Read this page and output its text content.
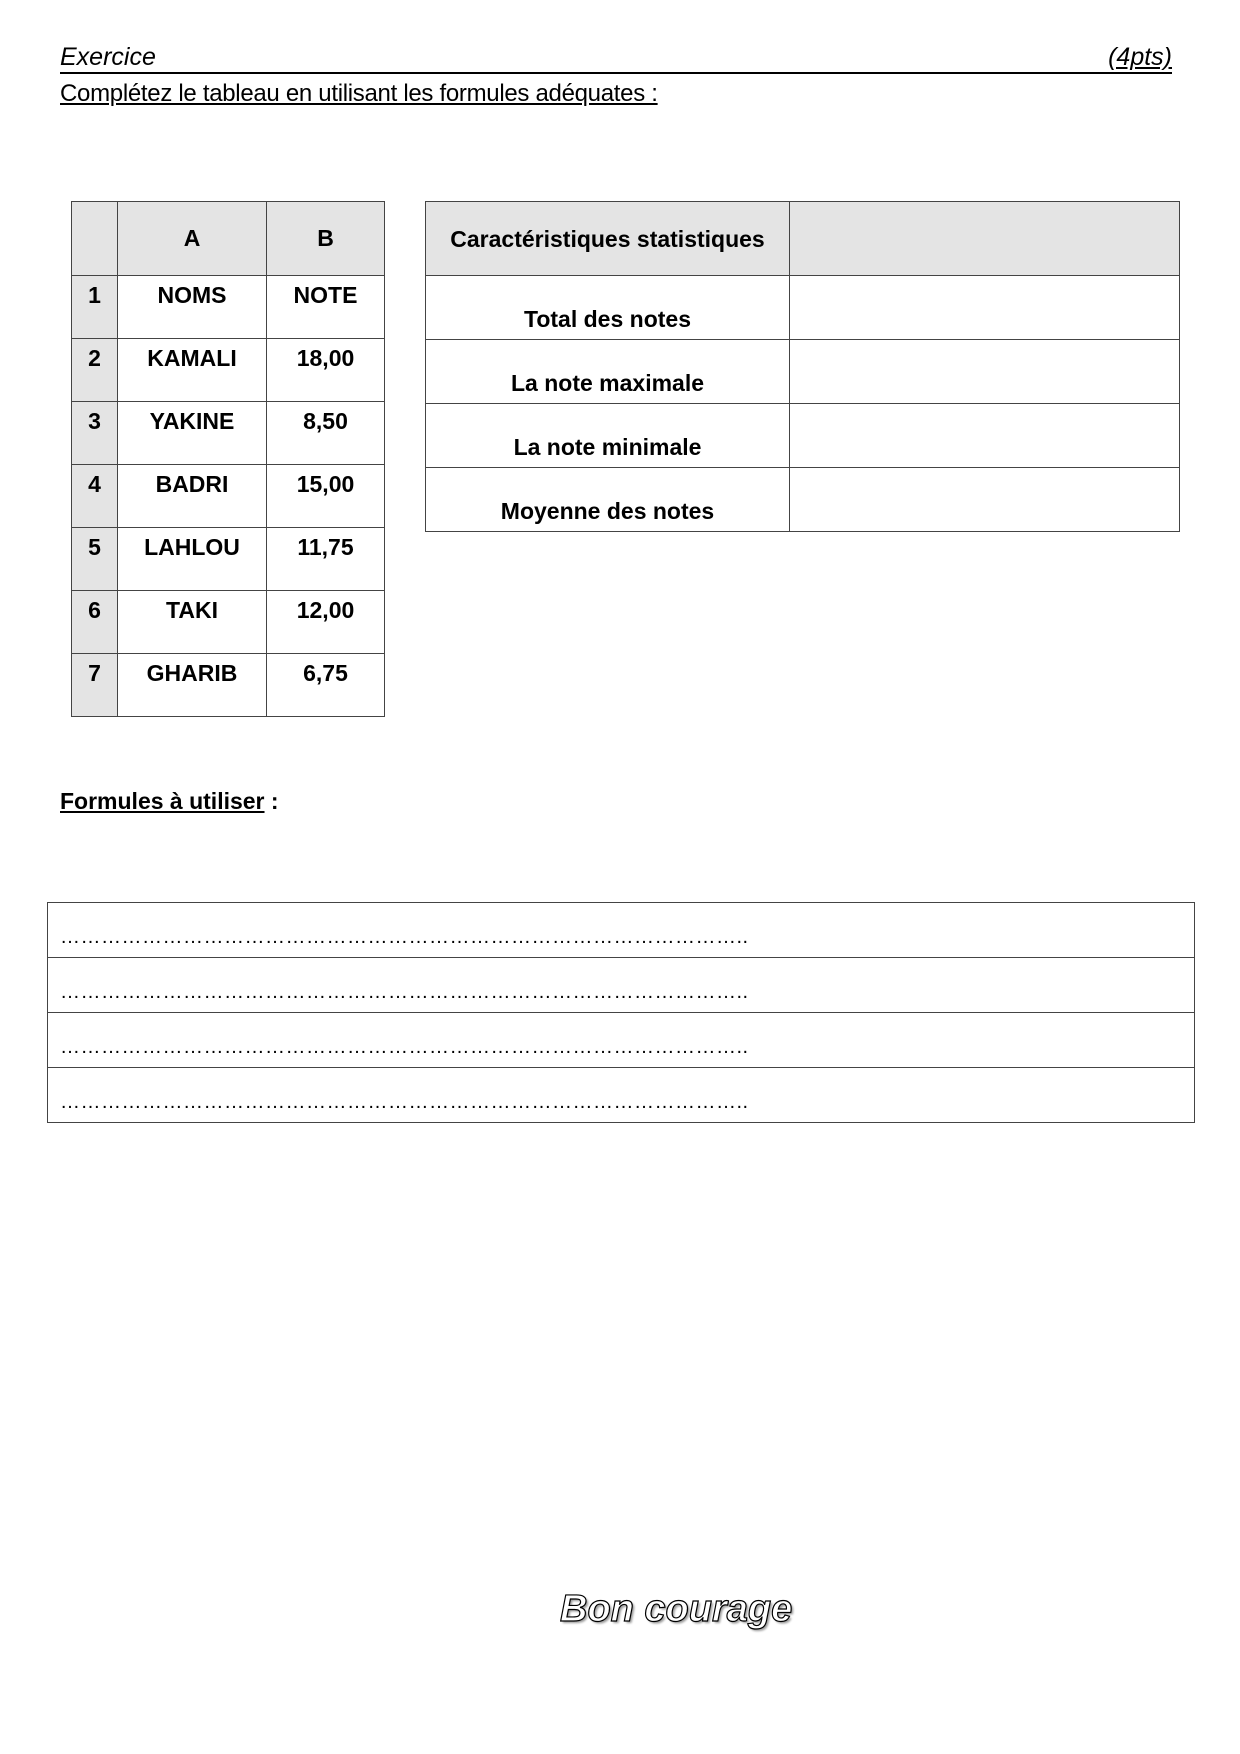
Exercice	(4pts)
Complétez le tableau en utilisant les formules adéquates :
	A	B
1	NOMS	NOTE
2	KAMALI	18,00
3	YAKINE	8,50
4	BADRI	15,00
5	LAHLOU	11,75
6	TAKI	12,00
7	GHARIB	6,75
Caractéristiques statistiques	
Total des notes	
La note maximale	
La note minimale	
Moyenne des notes	
Formules à utiliser :
………………………………………………………………………………………..
………………………………………………………………………………………..
………………………………………………………………………………………..
………………………………………………………………………………………..
Bon courage
